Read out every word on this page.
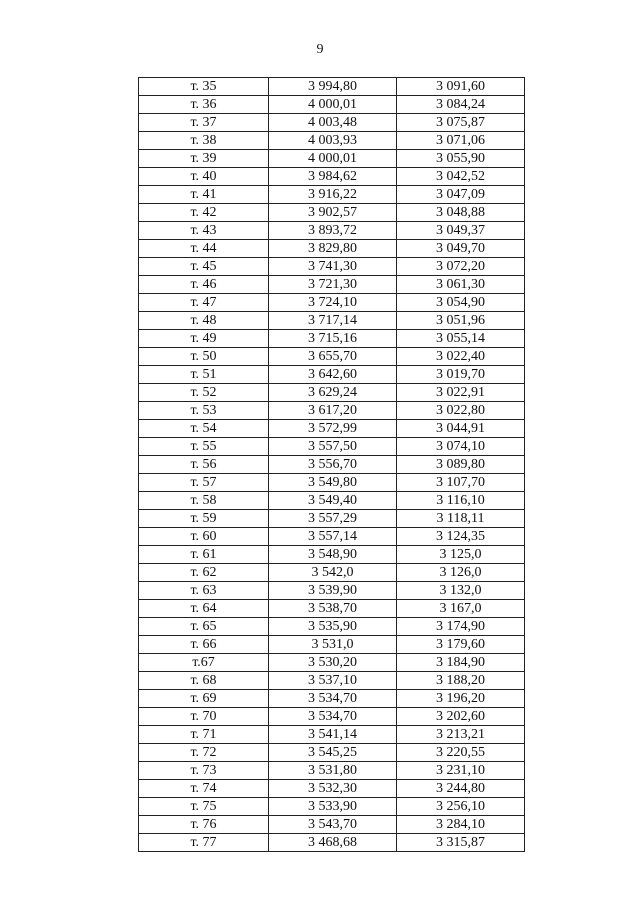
9
т. 35	3 994,80	3 091,60
т. 36	4 000,01	3 084,24
т. 37	4 003,48	3 075,87
т. 38	4 003,93	3 071,06
т. 39	4 000,01	3 055,90
т. 40	3 984,62	3 042,52
т. 41	3 916,22	3 047,09
т. 42	3 902,57	3 048,88
т. 43	3 893,72	3 049,37
т. 44	3 829,80	3 049,70
т. 45	3 741,30	3 072,20
т. 46	3 721,30	3 061,30
т. 47	3 724,10	3 054,90
т. 48	3 717,14	3 051,96
т. 49	3 715,16	3 055,14
т. 50	3 655,70	3 022,40
т. 51	3 642,60	3 019,70
т. 52	3 629,24	3 022,91
т. 53	3 617,20	3 022,80
т. 54	3 572,99	3 044,91
т. 55	3 557,50	3 074,10
т. 56	3 556,70	3 089,80
т. 57	3 549,80	3 107,70
т. 58	3 549,40	3 116,10
т. 59	3 557,29	3 118,11
т. 60	3 557,14	3 124,35
т. 61	3 548,90	3 125,0
т. 62	3 542,0	3 126,0
т. 63	3 539,90	3 132,0
т. 64	3 538,70	3 167,0
т. 65	3 535,90	3 174,90
т. 66	3 531,0	3 179,60
т.67	3 530,20	3 184,90
т. 68	3 537,10	3 188,20
т. 69	3 534,70	3 196,20
т. 70	3 534,70	3 202,60
т. 71	3 541,14	3 213,21
т. 72	3 545,25	3 220,55
т. 73	3 531,80	3 231,10
т. 74	3 532,30	3 244,80
т. 75	3 533,90	3 256,10
т. 76	3 543,70	3 284,10
т. 77	3 468,68	3 315,87
